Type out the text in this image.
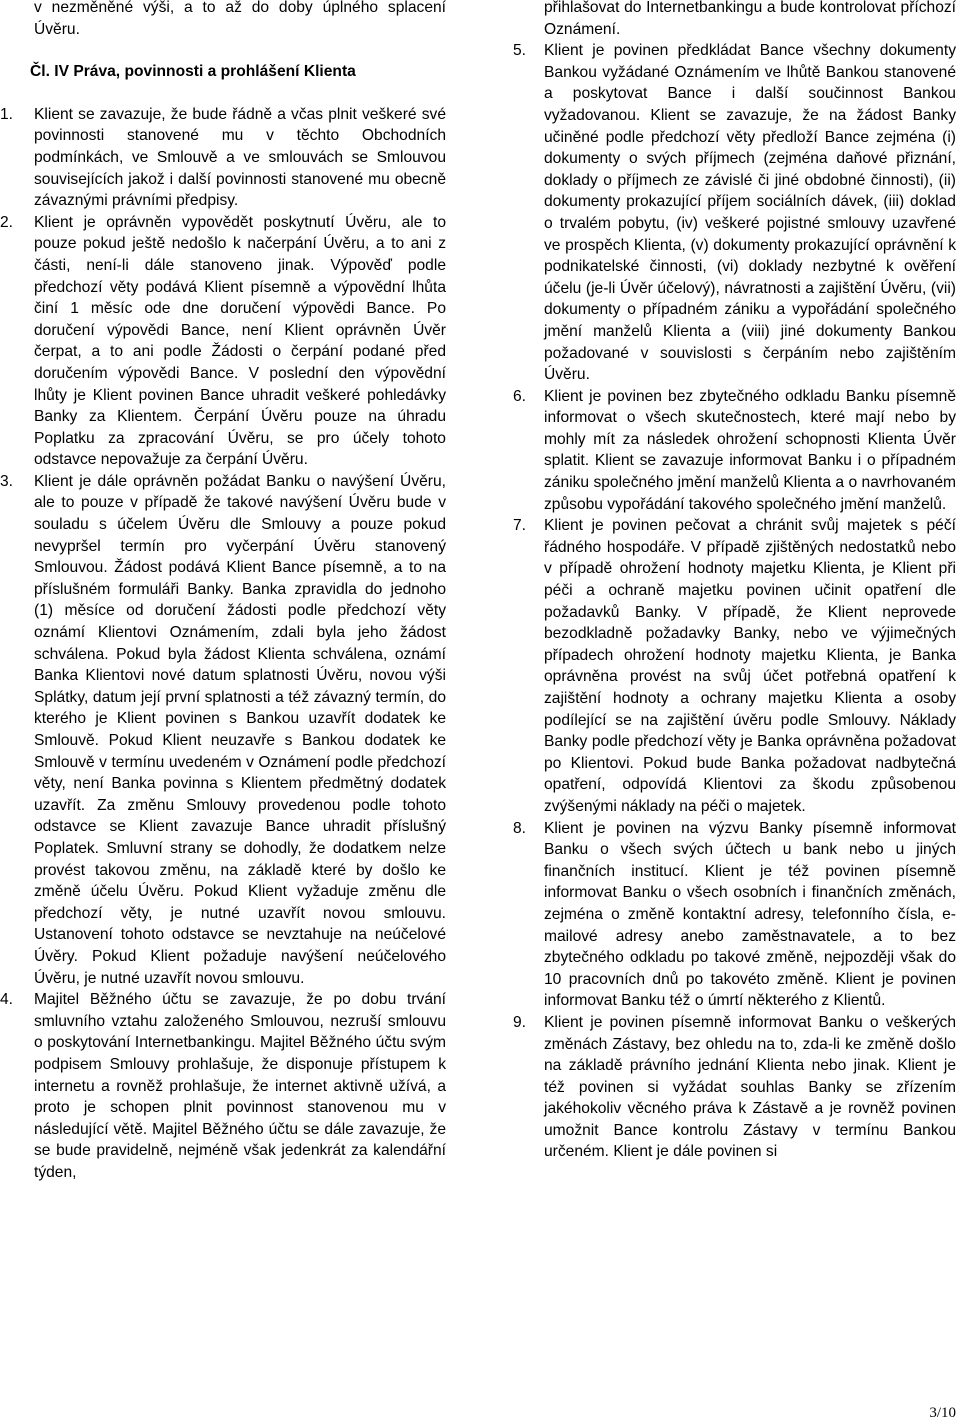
v nezměněné výši, a to až do doby úplného splacení Úvěru.

Čl. IV Práva, povinnosti a prohlášení Klienta

1.	Klient se zavazuje, že bude řádně a včas plnit veškeré své povinnosti stanovené mu v těchto Obchodních podmínkách, ve Smlouvě a ve smlouvách se Smlouvou souvisejících jakož i další povinnosti stanovené mu obecně závaznými právními předpisy.
2.	Klient je oprávněn vypovědět poskytnutí Úvěru, ale to pouze pokud ještě nedošlo k načerpání Úvěru, a to ani z části, není-li dále stanoveno jinak. Výpověď podle předchozí věty podává Klient písemně a výpovědní lhůta činí 1 měsíc ode dne doručení výpovědi Bance. Po doručení výpovědi Bance, není Klient oprávněn Úvěr čerpat, a to ani podle Žádosti o čerpání podané před doručením výpovědi Bance. V poslední den výpovědní lhůty je Klient povinen Bance uhradit veškeré pohledávky Banky za Klientem. Čerpání Úvěru pouze na úhradu Poplatku za zpracování Úvěru, se pro účely tohoto odstavce nepovažuje za čerpání Úvěru.
3.	Klient je dále oprávněn požádat Banku o navýšení Úvěru, ale to pouze v případě že takové navýšení Úvěru bude v souladu s účelem Úvěru dle Smlouvy a pouze pokud nevypršel termín pro vyčerpání Úvěru stanovený Smlouvou. Žádost podává Klient Bance písemně, a to na příslušném formuláři Banky. Banka zpravidla do jednoho (1) měsíce od doručení žádosti podle předchozí věty oznámí Klientovi Oznámením, zdali byla jeho žádost schválena. Pokud byla žádost Klienta schválena, oznámí Banka Klientovi nové datum splatnosti Úvěru, novou výši Splátky, datum její první splatnosti a též závazný termín, do kterého je Klient povinen s Bankou uzavřít dodatek ke Smlouvě. Pokud Klient neuzavře s Bankou dodatek ke Smlouvě v termínu uvedeném v Oznámení podle předchozí věty, není Banka povinna s Klientem předmětný dodatek uzavřít. Za změnu Smlouvy provedenou podle tohoto odstavce se Klient zavazuje Bance uhradit příslušný Poplatek. Smluvní strany se dohodly, že dodatkem nelze provést takovou změnu, na základě které by došlo ke změně účelu Úvěru. Pokud Klient vyžaduje změnu dle předchozí věty, je nutné uzavřít novou smlouvu. Ustanovení tohoto odstavce se nevztahuje na neúčelové Úvěry. Pokud Klient požaduje navýšení neúčelového Úvěru, je nutné uzavřít novou smlouvu.
4.	Majitel Běžného účtu se zavazuje, že po dobu trvání smluvního vztahu založeného Smlouvou, nezruší smlouvu o poskytování Internetbankingu. Majitel Běžného účtu svým podpisem Smlouvy prohlašuje, že disponuje přístupem k internetu a rovněž prohlašuje, že internet aktivně užívá, a proto je schopen plnit povinnost stanovenou mu v následující větě. Majitel Běžného účtu se dále zavazuje, že se bude pravidelně, nejméně však jedenkrát za kalendářní týden,

přihlašovat do Internetbankingu a bude kontrolovat příchozí Oznámení.

5.	Klient je povinen předkládat Bance všechny dokumenty Bankou vyžádané Oznámením ve lhůtě Bankou stanovené a poskytovat Bance i další součinnost Bankou vyžadovanou. Klient se zavazuje, že na žádost Banky učiněné podle předchozí věty předloží Bance zejména (i) dokumenty o svých příjmech (zejména daňové přiznání, doklady o příjmech ze závislé či jiné obdobné činnosti), (ii) dokumenty prokazující příjem sociálních dávek, (iii) doklad o trvalém pobytu, (iv) veškeré pojistné smlouvy uzavřené ve prospěch Klienta, (v) dokumenty prokazující oprávnění k podnikatelské činnosti, (vi) doklady nezbytné k ověření účelu (je-li Úvěr účelový), návratnosti a zajištění Úvěru, (vii) dokumenty o případném zániku a vypořádání společného jmění manželů Klienta a (viii) jiné dokumenty Bankou požadované v souvislosti s čerpáním nebo zajištěním Úvěru.
6.	Klient je povinen bez zbytečného odkladu Banku písemně informovat o všech skutečnostech, které mají nebo by mohly mít za následek ohrožení schopnosti Klienta Úvěr splatit. Klient se zavazuje informovat Banku i o případném zániku společného jmění manželů Klienta a o navrhovaném způsobu vypořádání takového společného jmění manželů.
7.	Klient je povinen pečovat a chránit svůj majetek s péčí řádného hospodáře. V případě zjištěných nedostatků nebo v případě ohrožení hodnoty majetku Klienta, je Klient při péči a ochraně majetku povinen učinit opatření dle požadavků Banky. V případě, že Klient neprovede bezodkladně požadavky Banky, nebo ve výjimečných případech ohrožení hodnoty majetku Klienta, je Banka oprávněna provést na svůj účet potřebná opatření k zajištění hodnoty a ochrany majetku Klienta a osoby podílející se na zajištění úvěru podle Smlouvy. Náklady Banky podle předchozí věty je Banka oprávněna požadovat po Klientovi. Pokud bude Banka požadovat nadbytečná opatření, odpovídá Klientovi za škodu způsobenou zvýšenými náklady na péči o majetek.
8.	Klient je povinen na výzvu Banky písemně informovat Banku o všech svých účtech u bank nebo u jiných finančních institucí. Klient je též povinen písemně informovat Banku o všech osobních i finančních změnách, zejména o změně kontaktní adresy, telefonního čísla, e-mailové adresy anebo zaměstnavatele, a to bez zbytečného odkladu po takové změně, nejpozději však do 10 pracovních dnů po takovéto změně. Klient je povinen informovat Banku též o úmrtí některého z Klientů.
9.	Klient je povinen písemně informovat Banku o veškerých změnách Zástavy, bez ohledu na to, zda-li ke změně došlo na základě právního jednání Klienta nebo jinak. Klient je též povinen si vyžádat souhlas Banky se zřízením jakéhokoliv věcného práva k Zástavě a je rovněž povinen umožnit Bance kontrolu Zástavy v termínu Bankou určeném. Klient je dále povinen si
3/10
